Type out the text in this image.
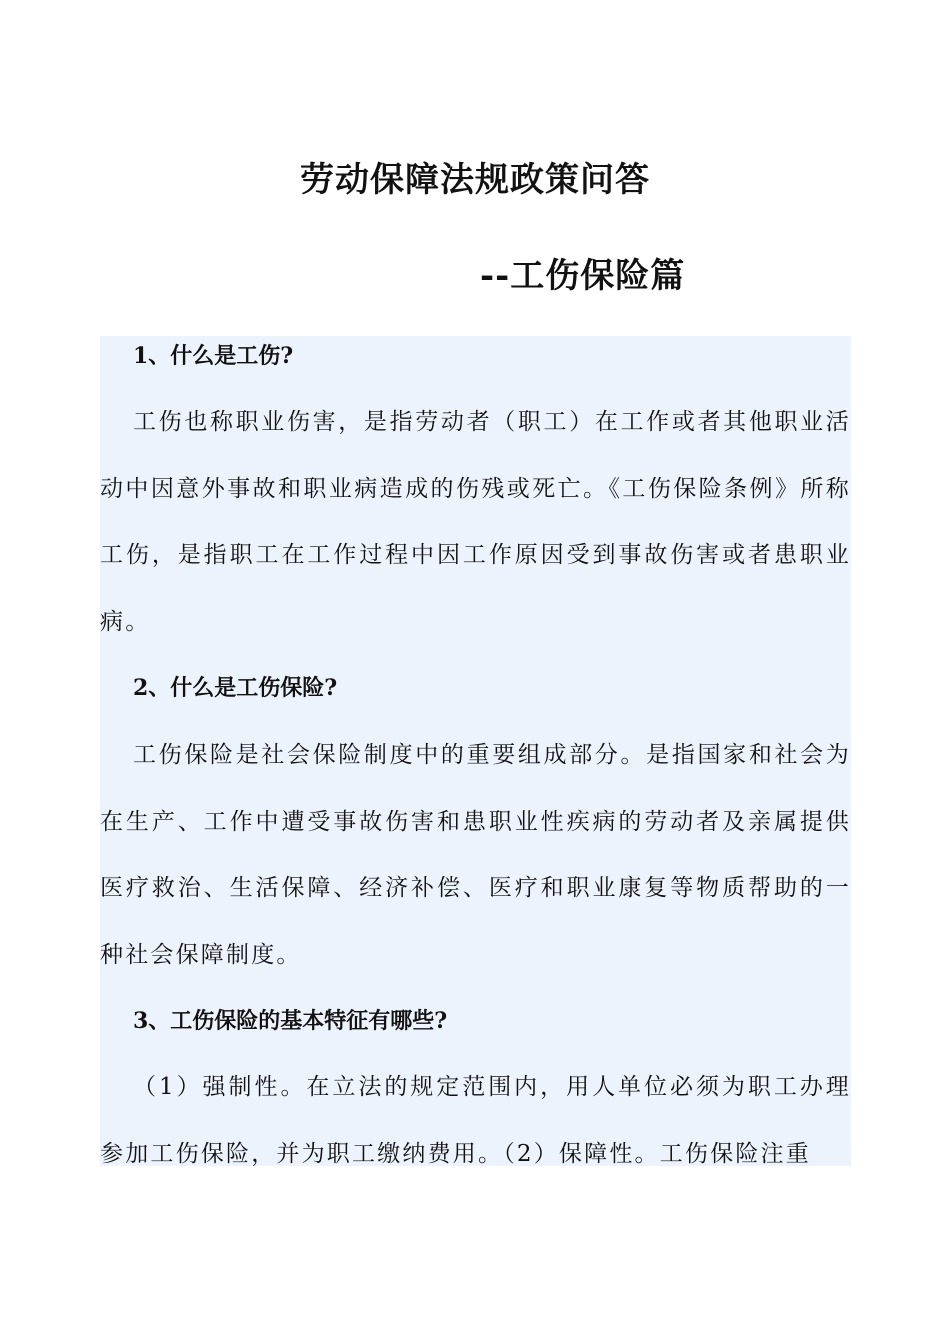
劳动保障法规政策问答
--工伤保险篇

1、什么是工伤?

工伤也称职业伤害，是指劳动者（职工）在工作或者其他职业活动中因意外事故和职业病造成的伤残或死亡。《工伤保险条例》所称工伤，是指职工在工作过程中因工作原因受到事故伤害或者患职业病。

2、什么是工伤保险?

工伤保险是社会保险制度中的重要组成部分。是指国家和社会为在生产、工作中遭受事故伤害和患职业性疾病的劳动者及亲属提供医疗救治、生活保障、经济补偿、医疗和职业康复等物质帮助的一种社会保障制度。

3、工伤保险的基本特征有哪些?

（1）强制性。在立法的规定范围内，用人单位必须为职工办理参加工伤保险，并为职工缴纳费用。（2）保障性。工伤保险注重
